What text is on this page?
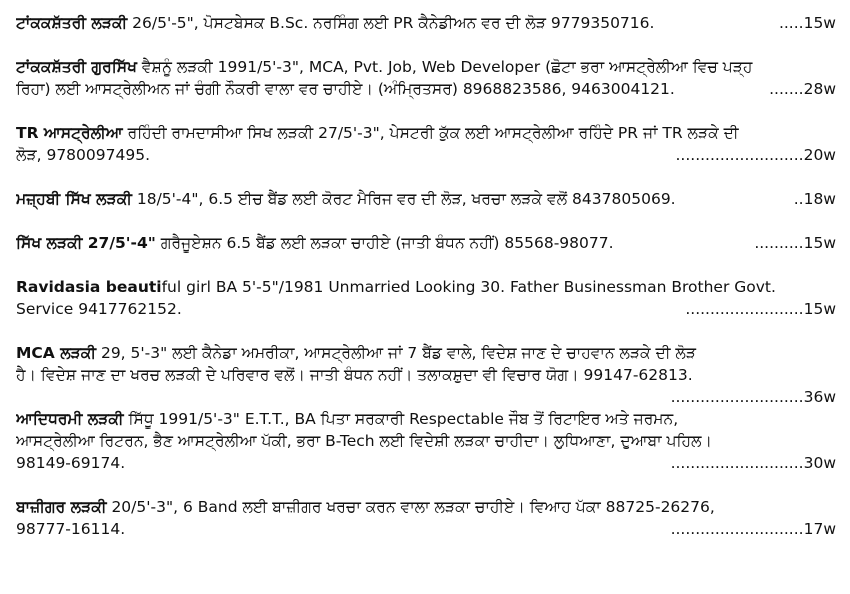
ਟਾਂਕਕਸ਼ੱਤਰੀ ਲੜਕੀ 26/5'-5", ਪੋਸਟਬੇਸਕ B.Sc. ਨਰਸਿੰਗ ਲਈ PR ਕੈਨੇਡੀਅਨ ਵਰ ਦੀ ਲੋੜ 9779350716.	.....15w
ਟਾਂਕਕਸ਼ੱਤਰੀ ਗੁਰਸਿੱਖ ਵੈਸ਼ਨੂੰ ਲੜਕੀ 1991/5'-3", MCA, Pvt. Job, Web Developer (ਛੋਟਾ ਭਰਾ ਆਸਟ੍ਰੇਲੀਆ ਵਿਚ ਪੜ੍ਹ
ਰਿਹਾ) ਲਈ ਆਸਟ੍ਰੇਲੀਅਨ ਜਾਂ ਚੰਗੀ ਨੌਕਰੀ ਵਾਲਾ ਵਰ ਚਾਹੀਏ। (ਅੰਮ੍ਰਿਤਸਰ) 8968823586, 9463004121.	.......28w
TR ਆਸਟ੍ਰੇਲੀਆ ਰਹਿੰਦੀ ਰਾਮਦਾਸੀਆ ਸਿਖ ਲੜਕੀ 27/5'-3", ਪੇਸਟਰੀ ਕੁੱਕ ਲਈ ਆਸਟ੍ਰੇਲੀਆ ਰਹਿੰਦੇ PR ਜਾਂ TR ਲੜਕੇ ਦੀ
ਲੋੜ, 9780097495.	..........................20w
ਮਜ਼੍ਹਬੀ ਸਿੱਖ ਲੜਕੀ 18/5'-4", 6.5 ਈਚ ਬੈਂਡ ਲਈ ਕੋਰਟ ਮੈਰਿਜ ਵਰ ਦੀ ਲੋੜ, ਖਰਚਾ ਲੜਕੇ ਵਲੋਂ 8437805069.	..18w
ਸਿੱਖ ਲੜਕੀ 27/5'-4" ਗਰੈਜੂਏਸ਼ਨ 6.5 ਬੈਂਡ ਲਈ ਲੜਕਾ ਚਾਹੀਏ (ਜਾਤੀ ਬੰਧਨ ਨਹੀਂ) 85568-98077.	..........15w
Ravidasia beautiful girl BA 5'-5"/1981 Unmarried Looking 30. Father Businessman Brother Govt.
Service 9417762152.	........................15w
MCA ਲੜਕੀ 29, 5'-3" ਲਈ ਕੈਨੇਡਾ ਅਮਰੀਕਾ, ਆਸਟ੍ਰੇਲੀਆ ਜਾਂ 7 ਬੈਂਡ ਵਾਲੇ, ਵਿਦੇਸ਼ ਜਾਣ ਦੇ ਚਾਹਵਾਨ ਲੜਕੇ ਦੀ ਲੋੜ
ਹੈ। ਵਿਦੇਸ਼ ਜਾਣ ਦਾ ਖਰਚ ਲੜਕੀ ਦੇ ਪਰਿਵਾਰ ਵਲੋਂ। ਜਾਤੀ ਬੰਧਨ ਨਹੀਂ। ਤਲਾਕਸ਼ੁਦਾ ਵੀ ਵਿਚਾਰ ਯੋਗ। 99147-62813.
...........................36w
ਆਦਿਧਰਮੀ ਲੜਕੀ ਸਿੱਧੂ 1991/5'-3" E.T.T., BA ਪਿਤਾ ਸਰਕਾਰੀ Respectable ਜੌਬ ਤੋਂ ਰਿਟਾਇਰ ਅਤੇ ਜਰਮਨ,
ਆਸਟ੍ਰੇਲੀਆ ਰਿਟਰਨ, ਭੈਣ ਆਸਟ੍ਰੇਲੀਆ ਪੱਕੀ, ਭਰਾ B-Tech ਲਈ ਵਿਦੇਸ਼ੀ ਲੜਕਾ ਚਾਹੀਦਾ। ਲੁਧਿਆਣਾ, ਦੁਆਬਾ ਪਹਿਲ।
98149-69174.	...........................30w
ਬਾਜ਼ੀਗਰ ਲੜਕੀ 20/5'-3", 6 Band ਲਈ ਬਾਜ਼ੀਗਰ ਖਰਚਾ ਕਰਨ ਵਾਲਾ ਲੜਕਾ ਚਾਹੀਏ। ਵਿਆਹ ਪੱਕਾ 88725-26276,
98777-16114.	...........................17w
